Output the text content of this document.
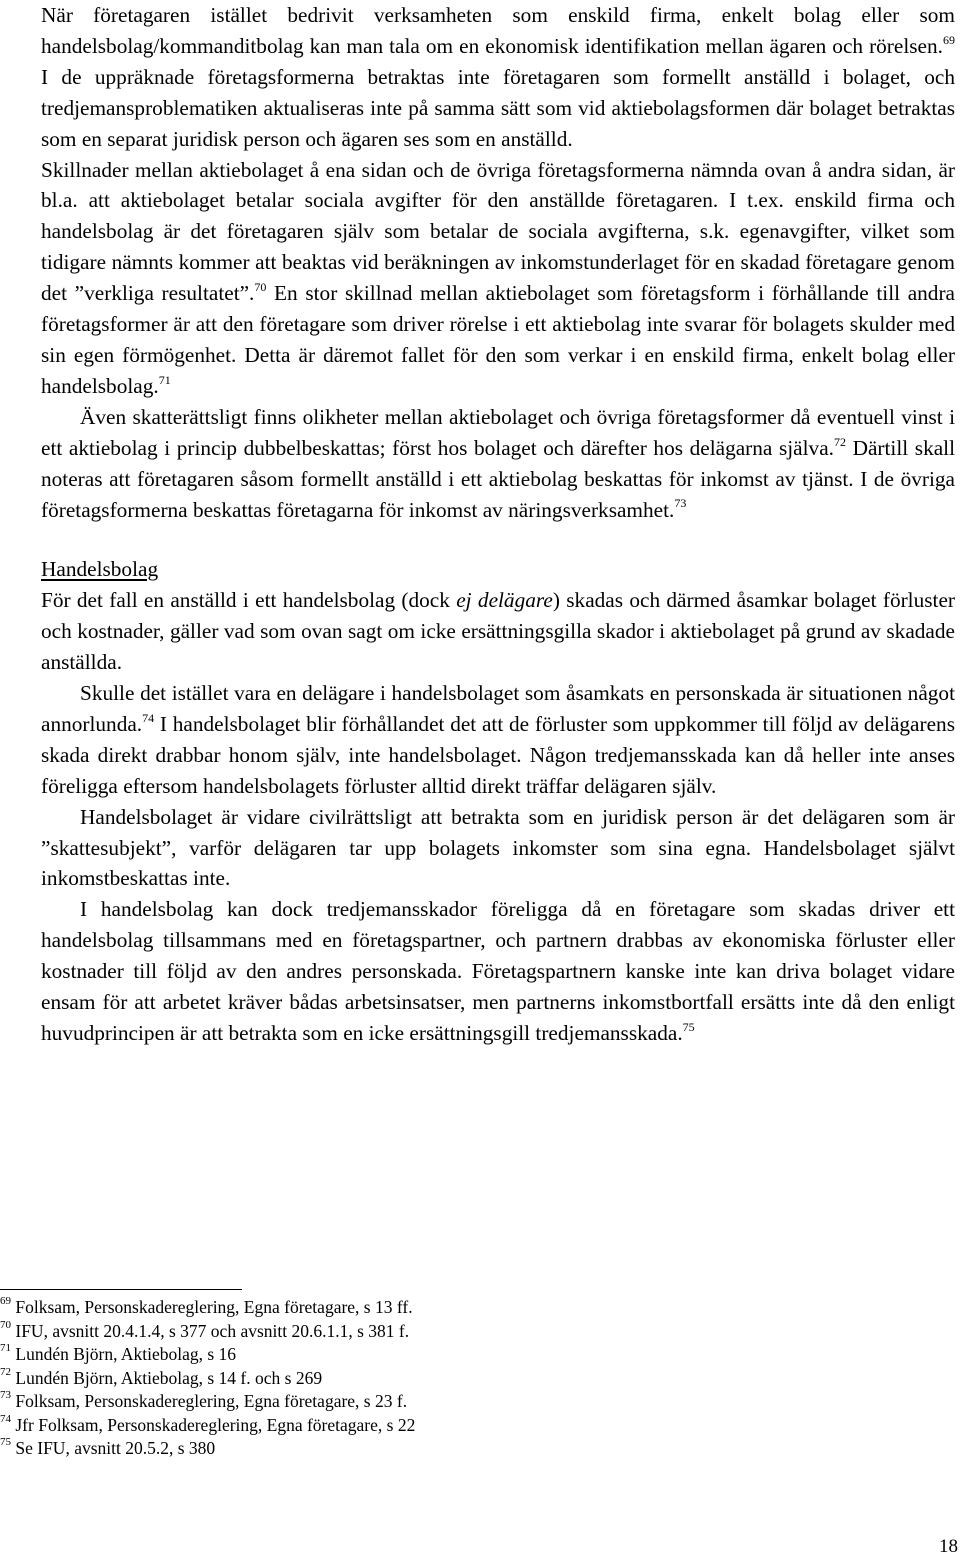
När företagaren istället bedrivit verksamheten som enskild firma, enkelt bolag eller som handelsbolag/kommanditbolag kan man tala om en ekonomisk identifikation mellan ägaren och rörelsen.$^{69}$ I de uppräknade företagsformerna betraktas inte företagaren som formellt anställd i bolaget, och tredjemansproblematiken aktualiseras inte på samma sätt som vid aktiebolagsformen där bolaget betraktas som en separat juridisk person och ägaren ses som en anställd.

Skillnader mellan aktiebolaget å ena sidan och de övriga företagsformerna nämnda ovan å andra sidan, är bl.a. att aktiebolaget betalar sociala avgifter för den anställde företagaren. I t.ex. enskild firma och handelsbolag är det företagaren själv som betalar de sociala avgifterna, s.k. egenavgifter, vilket som tidigare nämnts kommer att beaktas vid beräkningen av inkomstunderlaget för en skadad företagare genom det ”verkliga resultatet”.$^{70}$ En stor skillnad mellan aktiebolaget som företagsform i förhållande till andra företagsformer är att den företagare som driver rörelse i ett aktiebolag inte svarar för bolagets skulder med sin egen förmögenhet. Detta är däremot fallet för den som verkar i en enskild firma, enkelt bolag eller handelsbolag.$^{71}$

Även skatterättsligt finns olikheter mellan aktiebolaget och övriga företagsformer då eventuell vinst i ett aktiebolag i princip dubbelbeskattas; först hos bolaget och därefter hos delägarna själva.$^{72}$ Därtill skall noteras att företagaren såsom formellt anställd i ett aktiebolag beskattas för inkomst av tjänst. I de övriga företagsformerna beskattas företagarna för inkomst av näringsverksamhet.$^{73}$

Handelsbolag

För det fall en anställd i ett handelsbolag (dock ej delägare) skadas och därmed åsamkar bolaget förluster och kostnader, gäller vad som ovan sagt om icke ersättningsgilla skador i aktiebolaget på grund av skadade anställda.

Skulle det istället vara en delägare i handelsbolaget som åsamkats en personskada är situationen något annorlunda.$^{74}$ I handelsbolaget blir förhållandet det att de förluster som uppkommer till följd av delägarens skada direkt drabbar honom själv, inte handelsbolaget. Någon tredjemansskada kan då heller inte anses föreligga eftersom handelsbolagets förluster alltid direkt träffar delägaren själv.

Handelsbolaget är vidare civilrättsligt att betrakta som en juridisk person är det delägaren som är ”skattesubjekt”, varför delägaren tar upp bolagets inkomster som sina egna. Handelsbolaget självt inkomstbeskattas inte.

I handelsbolag kan dock tredjemansskador föreligga då en företagare som skadas driver ett handelsbolag tillsammans med en företagspartner, och partnern drabbas av ekonomiska förluster eller kostnader till följd av den andres personskada. Företagspartnern kanske inte kan driva bolaget vidare ensam för att arbetet kräver bådas arbetsinsatser, men partnerns inkomstbortfall ersätts inte då den enligt huvudprincipen är att betrakta som en icke ersättningsgill tredjemansskada.$^{75}$

$^{69}$ Folksam, Personskadereglering, Egna företagare, s 13 ff.
$^{70}$ IFU, avsnitt 20.4.1.4, s 377 och avsnitt 20.6.1.1, s 381 f.
$^{71}$ Lundén Björn, Aktiebolag, s 16
$^{72}$ Lundén Björn, Aktiebolag, s 14 f. och s 269
$^{73}$ Folksam, Personskadereglering, Egna företagare, s 23 f.
$^{74}$ Jfr Folksam, Personskadereglering, Egna företagare, s 22
$^{75}$ Se IFU, avsnitt 20.5.2, s 380
18
